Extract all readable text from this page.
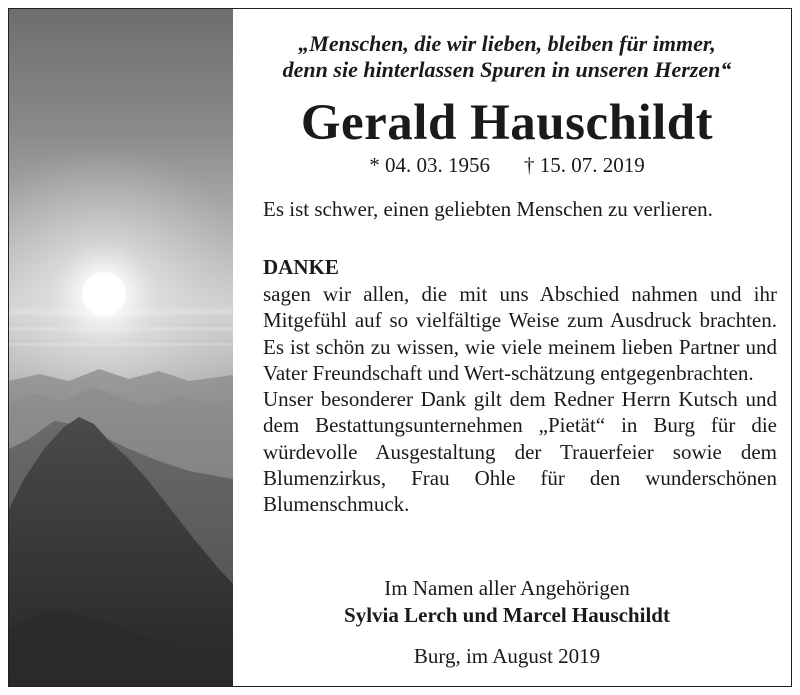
„Menschen, die wir lieben, bleiben für immer,
denn sie hinterlassen Spuren in unseren Herzen“
Gerald Hauschildt
* 04. 03. 1956 † 15. 07. 2019
Es ist schwer, einen geliebten Menschen zu verlieren.
DANKE

sagen wir allen, die mit uns Abschied nahmen und ihr Mitgefühl auf so vielfältige Weise zum Ausdruck brachten. Es ist schön zu wissen, wie viele meinem lieben Partner und Vater Freundschaft und Wert-schätzung entgegenbrachten.

Unser besonderer Dank gilt dem Redner Herrn Kutsch und dem Bestattungsunternehmen „Pietät“ in Burg für die würdevolle Ausgestaltung der Trauerfeier sowie dem Blumenzirkus, Frau Ohle für den wunderschönen Blumenschmuck.

Im Namen aller Angehörigen
Sylvia Lerch und Marcel Hauschildt
Burg, im August 2019
